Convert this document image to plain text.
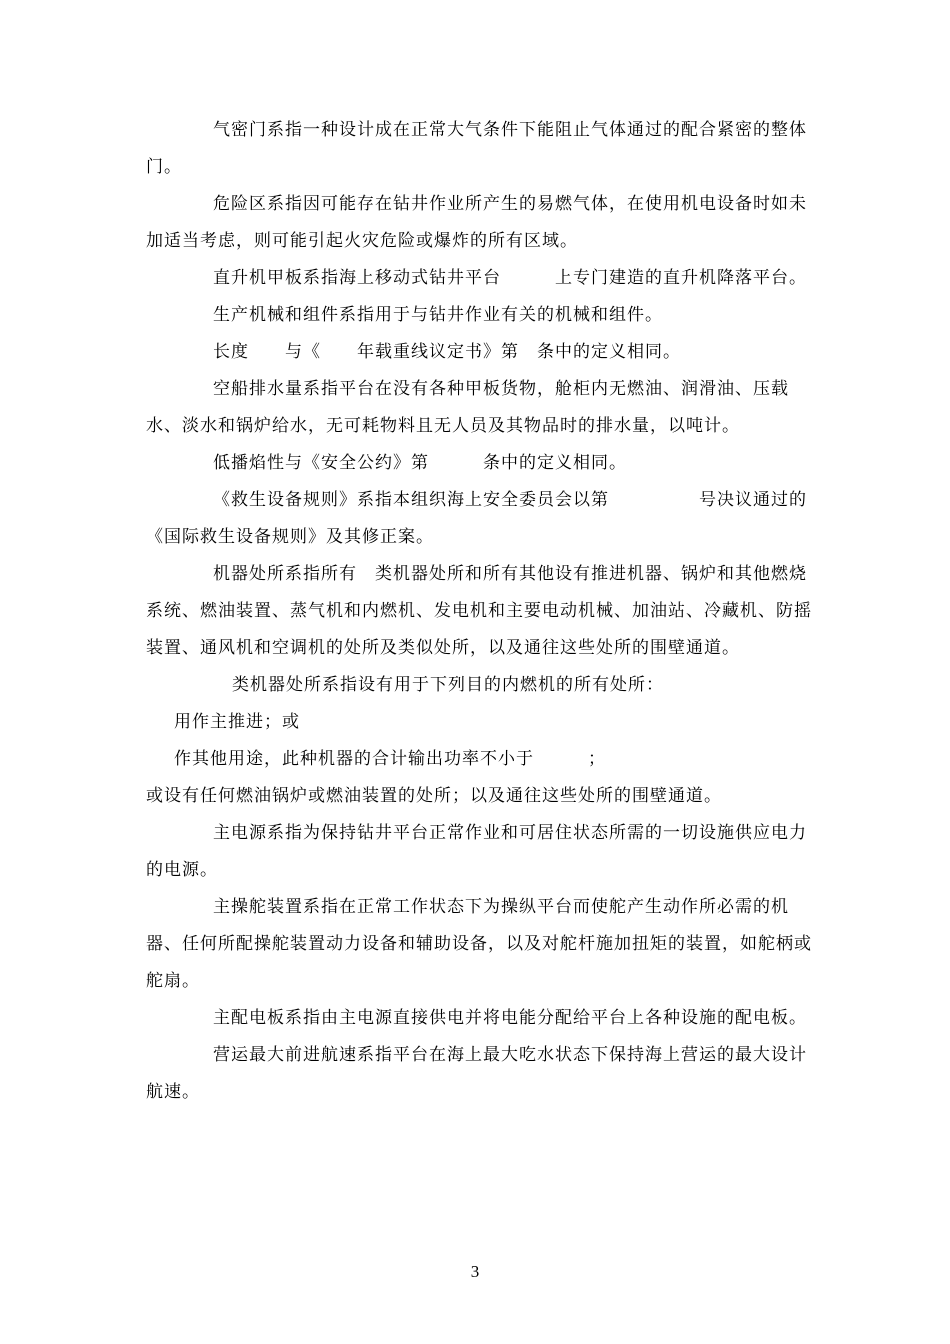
气密门系指一种设计成在正常大气条件下能阻止气体通过的配合紧密的整体门。

危险区系指因可能存在钻井作业所产生的易燃气体，在使用机电设备时如未加适当考虑，则可能引起火灾危险或爆炸的所有区域。

直升机甲板系指海上移动式钻井平台　　　上专门建造的直升机降落平台。

生产机械和组件系指用于与钻井作业有关的机械和组件。

长度　　与《　　年载重线议定书》第　条中的定义相同。

空船排水量系指平台在没有各种甲板货物，舱柜内无燃油、润滑油、压载水、淡水和锅炉给水，无可耗物料且无人员及其物品时的排水量，以吨计。

低播焰性与《安全公约》第　　　条中的定义相同。

《救生设备规则》系指本组织海上安全委员会以第　　　　　号决议通过的《国际救生设备规则》及其修正案。

机器处所系指所有　类机器处所和所有其他设有推进机器、锅炉和其他燃烧系统、燃油装置、蒸气机和内燃机、发电机和主要电动机械、加油站、冷藏机、防摇装置、通风机和空调机的处所及类似处所，以及通往这些处所的围壁通道。

类机器处所系指设有用于下列目的内燃机的所有处所：

用作主推进；或

作其他用途，此种机器的合计输出功率不小于　　　；

或设有任何燃油锅炉或燃油装置的处所；以及通往这些处所的围壁通道。

主电源系指为保持钻井平台正常作业和可居住状态所需的一切设施供应电力的电源。

主操舵装置系指在正常工作状态下为操纵平台而使舵产生动作所必需的机器、任何所配操舵装置动力设备和辅助设备，以及对舵杆施加扭矩的装置，如舵柄或舵扇。

主配电板系指由主电源直接供电并将电能分配给平台上各种设施的配电板。

营运最大前进航速系指平台在海上最大吃水状态下保持海上营运的最大设计航速。

3
